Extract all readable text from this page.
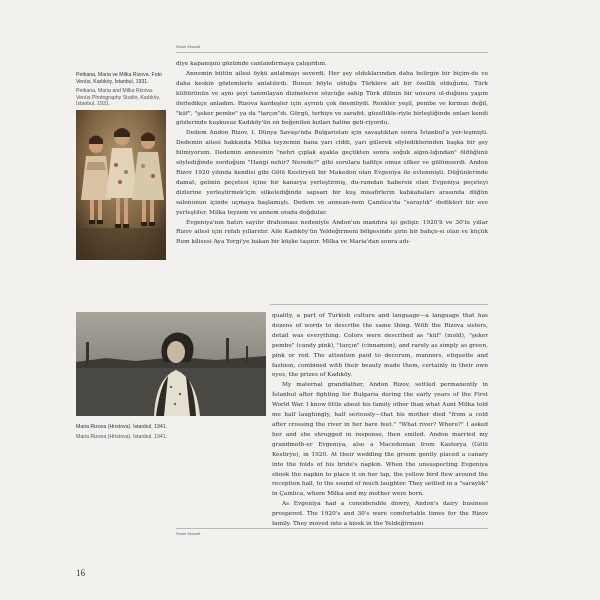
Rosie Mrssoff

Petkana, Maria ve Milka Rizova. Foto Venüs, Kadıköy, İstanbul, 1931.

Petkana, Maria and Milka Rizova. Venüs Photography Studio, Kadıköy, İstanbul, 1931.

diye kapanışını gözümde canlandırmaya çalışırdım.

Annemin bütün ailesi öykü anlatmayı severdi. Her şey olduklarından daha belirgin bir biçim-de ve daha keskin gözlemlerle anlatılırdı. Bunun böyle olduğu Türklere ait bir özellik olduğunu, Türk kültürünün ve aynı şeyi tanımlayan dizinelerce sözcüğe sahip Türk dilinin bir unsuru ol-duğunu yaşım ilerledikçe anladım. Rizova kardeşler için ayrıntı çok önemliydi. Renkler yeşil, pembe ve kırmızı değil, "küf", "şeker pembe" ya da "tarçın"dı. Görgü, terbiye ve zarafet, güzellikle-riyle birleştiğinde onları kendi gözlerinde kuşkusuz Kadıköy'ün en beğenilen kızları haline geti-riyordu.

Dedem Andon Rizov, I. Dünya Savaşı'nda Bulgaristan için savaştıktan sonra İstanbul'a yer-leşmişti. Dedemin ailesi hakkında Milka teyzemin bana yarı ciddi, yarı gülerek söylediklerinden başka bir şey bilmiyorum. Dedemin annesinin "nehri çıplak ayakla geçtikten sonra soğuk algın-lığından" öldüğünü söylediğinde sorduğum "Hangi nehir? Nerede?" gibi sorulara hafifçe omuz silker ve gülümserdi. Andon Rizov 1920 yılında kendisi gibi Gölü Kestiryeli bir Makedon olan Evgeniya ile evlenmişti. Düğünlerinde damat, gelinin peçetesi içine bir kanarya yerleştirmiş, du-rumdan habersiz olan Evgeniya peçeteyi dizlerine yerleştirmek'için silkelediğinde sapsarı bir kuş misafirlerin kahkahaları arasında düğün salonunun içinde uçmaya başlamıştı. Dedem ve annean-nem Çamlıca'da "saraylık" dedikleri bir eve yerleştiler. Milka teyzem ve annem orada doğdular.

Evgeniya'nın hatırı sayılır drahoması nedeniyle Andon'un mandıra işi gelişir. 1920'li ve 30'lu yıllar Rizov ailesi için refah yıllarıdır. Aile Kadıköy'ün Yeldeğirmeni bölgesinde şirin bir bahçe-si olan ve küçük Rum kilisesi Aya Yorgi'ye bakan bir köşke taşınır. Milka ve Maria'dan sonra adı-

Maria Rizova (Hristova). İstanbul, 1941.

Maria Rizova (Hristova). İstanbul, 1941.

quality, a part of Turkish culture and language—a language that has dozens of words to describe the same thing. With the Rizova sisters, detail was everything. Colors were described as "küf" (mold), "şeker pembe" (candy pink), "tarçın" (cinnamon), and rarely as simply as green, pink or red. The attention paid to decorum, manners, etiquette and fashion, combined with their beauty made them, certainly in their own eyes, the prizes of Kadıköy.

My maternal grandfather, Andon Rizov, settled permanently in İstanbul after fighting for Bulgaria during the early years of the First World War. I know little about his family other than what Aunt Milka told me half laughingly, half seriously—that his mother died "from a cold after crossing the river in her bare feet." "What river? Where?" I asked her and she shrugged in response, then smiled. Andon married my grandmoth-er Evgeniya, also a Macedonian from Kastorya (Gölü Kestirye), in 1920. At their wedding the groom gently placed a canary into the folds of his bride's napkin. When the unsuspecting Evgeniya shook the napkin to place it on her lap, the yellow bird flew around the reception hall, to the sound of much laughter. They settled in a "saraylık" in Çamlıca, where Milka and my mother were born.

As Evgeniya had a considerable dowry, Andon's dairy business prospered. The 1920's and 30's were comfortable times for the Rizov family. They moved into a kiosk in the Yeldeğirmeni

Rosie Mrssoff
16
